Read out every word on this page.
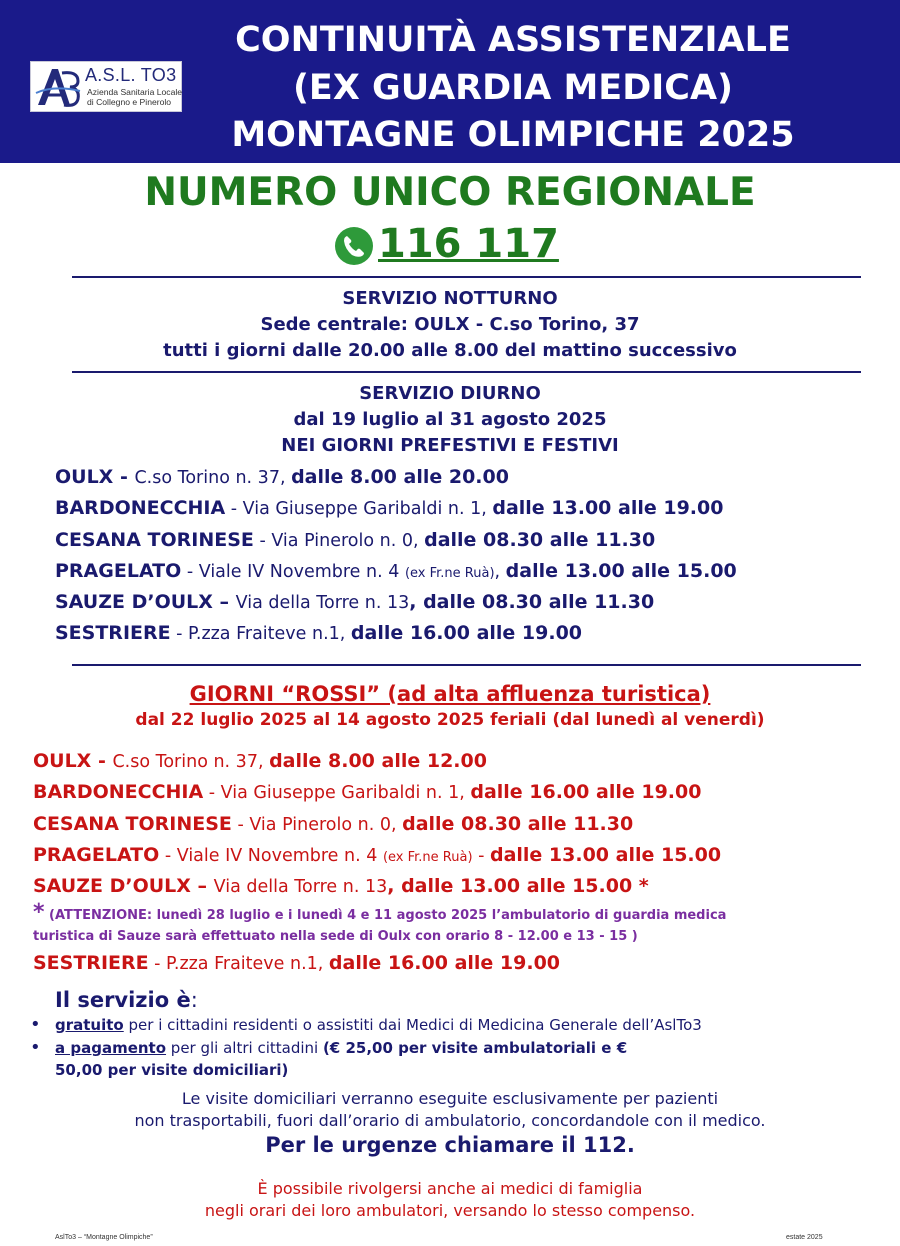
A.S.L. TO3
Azienda Sanitaria Locale
di Collegno e Pinerolo
CONTINUITÀ ASSISTENZIALE
(EX GUARDIA MEDICA)
MONTAGNE OLIMPICHE 2025
NUMERO UNICO REGIONALE
116 117
SERVIZIO NOTTURNO
Sede centrale: OULX - C.so Torino, 37
tutti i giorni dalle 20.00 alle 8.00 del mattino successivo
SERVIZIO DIURNO
dal 19 luglio al 31 agosto 2025
NEI GIORNI PREFESTIVI E FESTIVI
OULX - C.so Torino n. 37, dalle 8.00 alle 20.00
BARDONECCHIA - Via Giuseppe Garibaldi n. 1, dalle 13.00 alle 19.00
CESANA TORINESE - Via Pinerolo n. 0, dalle 08.30 alle 11.30
PRAGELATO - Viale IV Novembre n. 4 (ex Fr.ne Ruà), dalle 13.00 alle 15.00
SAUZE D’OULX – Via della Torre n. 13, dalle 08.30 alle 11.30
SESTRIERE - P.zza Fraiteve n.1, dalle 16.00 alle 19.00
GIORNI “ROSSI” (ad alta affluenza turistica)
dal 22 luglio 2025 al 14 agosto 2025 feriali (dal lunedì al venerdì)
OULX - C.so Torino n. 37, dalle 8.00 alle 12.00
BARDONECCHIA - Via Giuseppe Garibaldi n. 1, dalle 16.00 alle 19.00
CESANA TORINESE - Via Pinerolo n. 0, dalle 08.30 alle 11.30
PRAGELATO - Viale IV Novembre n. 4 (ex Fr.ne Ruà) - dalle 13.00 alle 15.00
SAUZE D’OULX – Via della Torre n. 13, dalle 13.00 alle 15.00 *
* (ATTENZIONE: lunedì 28 luglio e i lunedì 4 e 11 agosto 2025 l’ambulatorio di guardia medica
turistica di Sauze sarà effettuato nella sede di Oulx con orario 8 - 12.00 e 13 - 15 )
SESTRIERE - P.zza Fraiteve n.1, dalle 16.00 alle 19.00
Il servizio è:
• gratuito per i cittadini residenti o assistiti dai Medici di Medicina Generale dell’AslTo3
• a pagamento per gli altri cittadini (€ 25,00 per visite ambulatoriali e €
50,00 per visite domiciliari)
Le visite domiciliari verranno eseguite esclusivamente per pazienti
non trasportabili, fuori dall’orario di ambulatorio, concordandole con il medico.
Per le urgenze chiamare il 112.
È possibile rivolgersi anche ai medici di famiglia
negli orari dei loro ambulatori, versando lo stesso compenso.
AslTo3 – “Montagne Olimpiche”	estate 2025
